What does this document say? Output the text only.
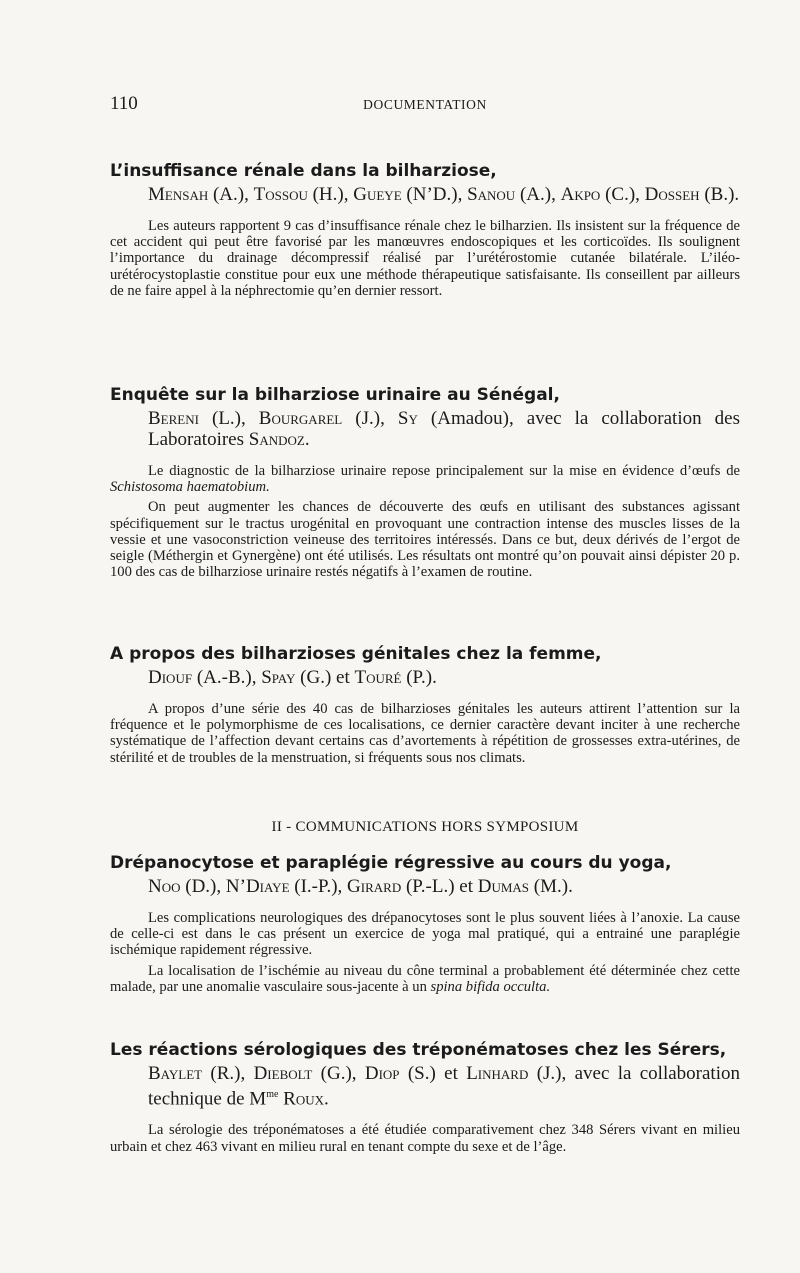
110	DOCUMENTATION
L’insuffisance rénale dans la bilharziose,
Mensah (A.), Tossou (H.), Gueye (N’D.), Sanou (A.), Akpo (C.), Dosseh (B.).

Les auteurs rapportent 9 cas d’insuffisance rénale chez le bilharzien. Ils insistent sur la fréquence de cet accident qui peut être favorisé par les manœuvres endoscopiques et les corticoïdes. Ils soulignent l’importance du drainage décompressif réalisé par l’urétérostomie cutanée bilatérale. L’iléo-urétérocystoplastie constitue pour eux une méthode thérapeutique satisfaisante. Ils conseillent par ailleurs de ne faire appel à la néphrectomie qu’en dernier ressort.

Enquête sur la bilharziose urinaire au Sénégal,
Bereni (L.), Bourgarel (J.), Sy (Amadou), avec la collaboration des Laboratoires Sandoz.

Le diagnostic de la bilharziose urinaire repose principalement sur la mise en évidence d’œufs de Schistosoma haematobium.

On peut augmenter les chances de découverte des œufs en utilisant des substances agissant spécifiquement sur le tractus urogénital en provoquant une contraction intense des muscles lisses de la vessie et une vasoconstriction veineuse des territoires intéressés. Dans ce but, deux dérivés de l’ergot de seigle (Méthergin et Gynergène) ont été utilisés. Les résultats ont montré qu’on pouvait ainsi dépister 20 p. 100 des cas de bilharziose urinaire restés négatifs à l’examen de routine.

A propos des bilharzioses génitales chez la femme,
Diouf (A.-B.), Spay (G.) et Touré (P.).

A propos d’une série des 40 cas de bilharzioses génitales les auteurs attirent l’attention sur la fréquence et le polymorphisme de ces localisations, ce dernier caractère devant inciter à une recherche systématique de l’affection devant certains cas d’avortements à répétition de grossesses extra-utérines, de stérilité et de troubles de la menstruation, si fréquents sous nos climats.

II - COMMUNICATIONS HORS SYMPOSIUM
Drépanocytose et paraplégie régressive au cours du yoga,
Noo (D.), N’Diaye (I.-P.), Girard (P.-L.) et Dumas (M.).

Les complications neurologiques des drépanocytoses sont le plus souvent liées à l’anoxie. La cause de celle-ci est dans le cas présent un exercice de yoga mal pratiqué, qui a entrainé une paraplégie ischémique rapidement régressive.

La localisation de l’ischémie au niveau du cône terminal a probablement été déterminée chez cette malade, par une anomalie vasculaire sous-jacente à un spina bifida occulta.

Les réactions sérologiques des tréponématoses chez les Sérers,
Baylet (R.), Diebolt (G.), Diop (S.) et Linhard (J.), avec la collaboration technique de $M^{me}$ Roux.

La sérologie des tréponématoses a été étudiée comparativement chez 348 Sérers vivant en milieu urbain et chez 463 vivant en milieu rural en tenant compte du sexe et de l’âge.
